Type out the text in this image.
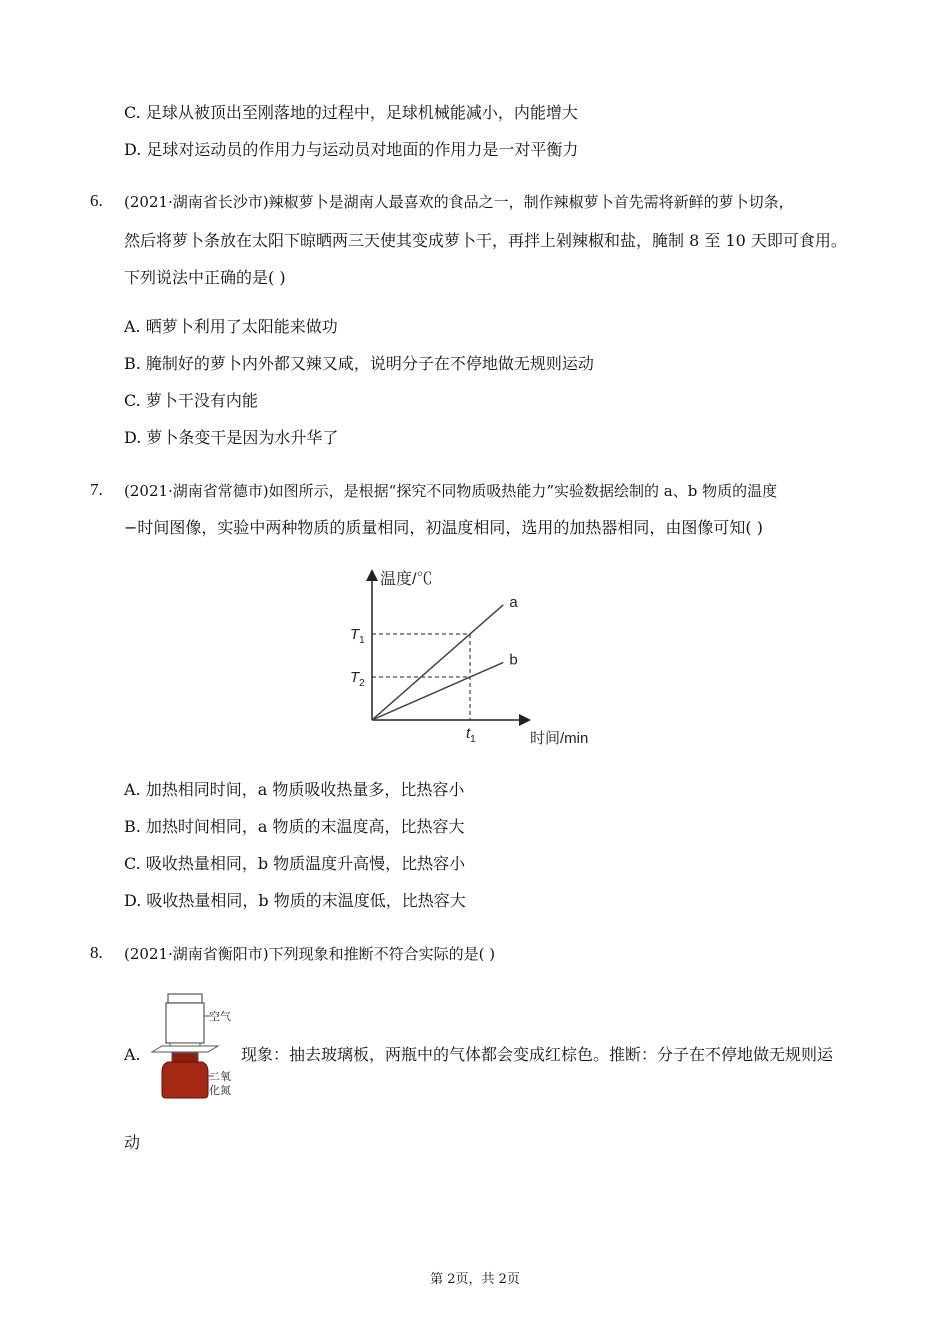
C. 足球从被顶出至刚落地的过程中，足球机械能减小，内能增大
D. 足球对运动员的作用力与运动员对地面的作用力是一对平衡力
6. (2021·湖南省长沙市)辣椒萝卜是湖南人最喜欢的食品之一，制作辣椒萝卜首先需将新鲜的萝卜切条，
然后将萝卜条放在太阳下晾晒两三天使其变成萝卜干，再拌上剁辣椒和盐，腌制 8 至 10 天即可食用。
下列说法中正确的是( )
A. 晒萝卜利用了太阳能来做功
B. 腌制好的萝卜内外都又辣又咸，说明分子在不停地做无规则运动
C. 萝卜干没有内能
D. 萝卜条变干是因为水升华了
7. (2021·湖南省常德市)如图所示，是根据“探究不同物质吸热能力”实验数据绘制的 a、b 物质的温度
−时间图像，实验中两种物质的质量相同，初温度相同，选用的加热器相同，由图像可知( )
温度/℃
时间/min
a
b
$T_1$
$T_2$
$t_1$
A. 加热相同时间，a 物质吸收热量多，比热容小
B. 加热时间相同，a 物质的末温度高，比热容大
C. 吸收热量相同，b 物质温度升高慢，比热容小
D. 吸收热量相同，b 物质的末温度低，比热容大
8. (2021·湖南省衡阳市)下列现象和推断不符合实际的是( )
A.
空气
二氧
化氮
现象：抽去玻璃板，两瓶中的气体都会变成红棕色。推断：分子在不停地做无规则运
动
第 2页，共 2页
